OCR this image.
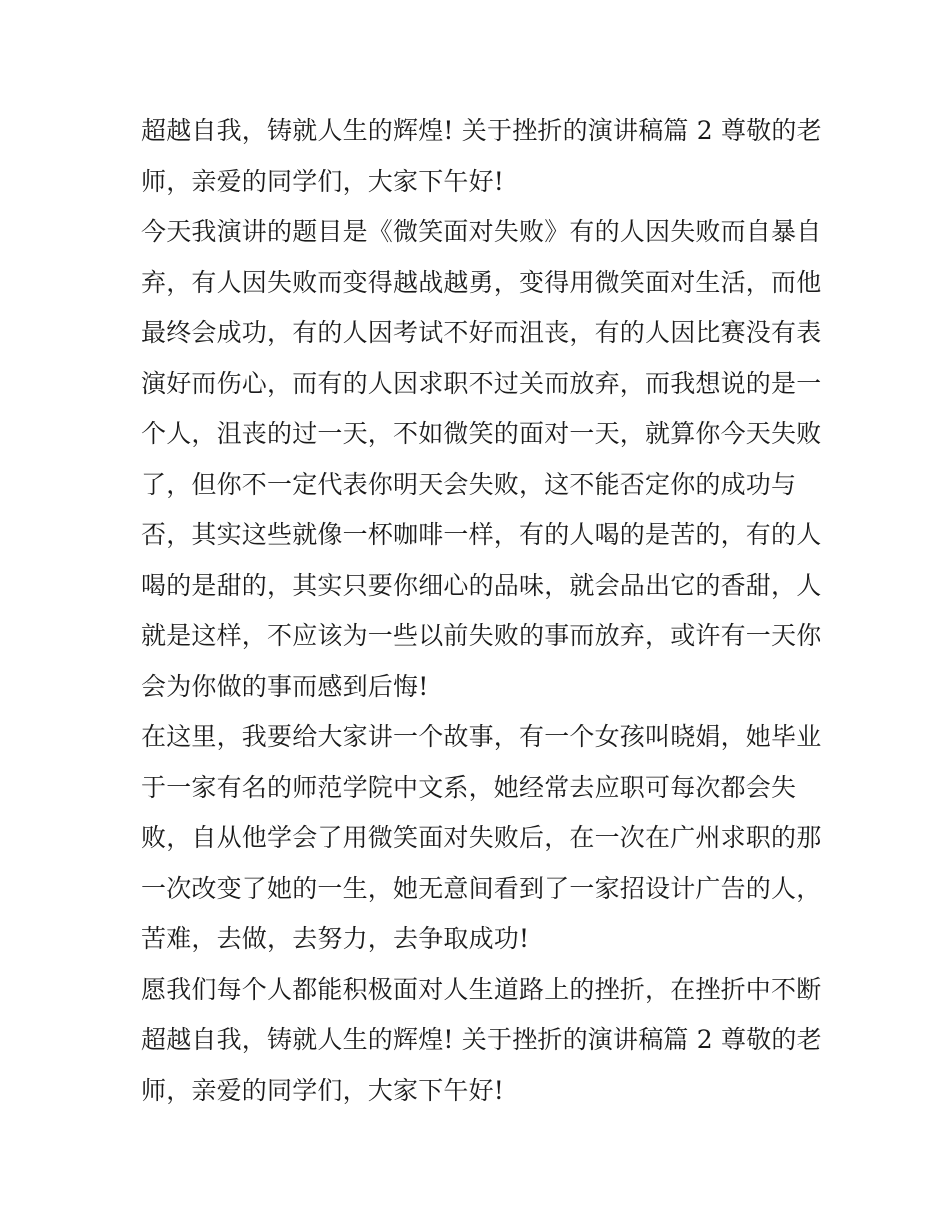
超越自我，铸就人生的辉煌! 关于挫折的演讲稿篇 2 尊敬的老
师，亲爱的同学们，大家下午好!
今天我演讲的题目是《微笑面对失败》有的人因失败而自暴自
弃，有人因失败而变得越战越勇，变得用微笑面对生活，而他
最终会成功，有的人因考试不好而沮丧，有的人因比赛没有表
演好而伤心，而有的人因求职不过关而放弃，而我想说的是一
个人，沮丧的过一天，不如微笑的面对一天，就算你今天失败
了，但你不一定代表你明天会失败，这不能否定你的成功与
否，其实这些就像一杯咖啡一样，有的人喝的是苦的，有的人
喝的是甜的，其实只要你细心的品味，就会品出它的香甜，人
就是这样，不应该为一些以前失败的事而放弃，或许有一天你
会为你做的事而感到后悔!
在这里，我要给大家讲一个故事，有一个女孩叫晓娟，她毕业
于一家有名的师范学院中文系，她经常去应职可每次都会失
败，自从他学会了用微笑面对失败后，在一次在广州求职的那
一次改变了她的一生，她无意间看到了一家招设计广告的人，
苦难，去做，去努力，去争取成功!
愿我们每个人都能积极面对人生道路上的挫折，在挫折中不断
超越自我，铸就人生的辉煌! 关于挫折的演讲稿篇 2 尊敬的老
师，亲爱的同学们，大家下午好!
